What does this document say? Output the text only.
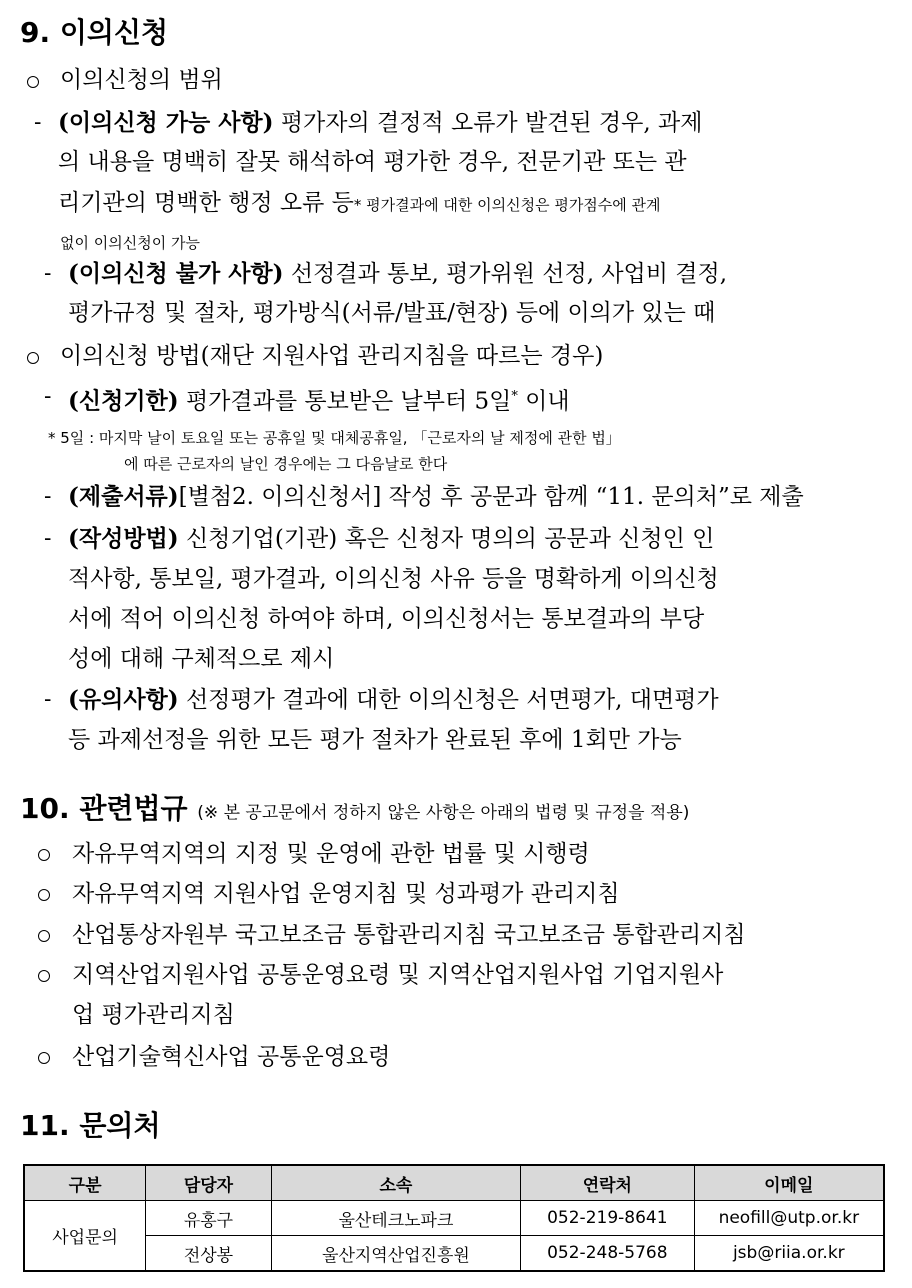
9. 이의신청
이의신청의 범위
- (이의신청 가능 사항) 평가자의 결정적 오류가 발견된 경우, 과제
의 내용을 명백히 잘못 해석하여 평가한 경우, 전문기관 또는 관
리기관의 명백한 행정 오류 등* 평가결과에 대한 이의신청은 평가점수에 관계
없이 이의신청이 가능
- (이의신청 불가 사항) 선정결과 통보, 평가위원 선정, 사업비 결정,
평가규정 및 절차, 평가방식(서류/발표/현장) 등에 이의가 있는 때
이의신청 방법(재단 지원사업 관리지침을 따르는 경우)
- (신청기한) 평가결과를 통보받은 날부터 5일* 이내
* 5일 : 마지막 날이 토요일 또는 공휴일 및 대체공휴일, 「근로자의 날 제정에 관한 법」
에 따른 근로자의 날인 경우에는 그 다음날로 한다
- (제출서류)[별첨2. 이의신청서] 작성 후 공문과 함께 “11. 문의처”로 제출
- (작성방법) 신청기업(기관) 혹은 신청자 명의의 공문과 신청인 인
적사항, 통보일, 평가결과, 이의신청 사유 등을 명확하게 이의신청
서에 적어 이의신청 하여야 하며, 이의신청서는 통보결과의 부당
성에 대해 구체적으로 제시
- (유의사항) 선정평가 결과에 대한 이의신청은 서면평가, 대면평가
등 과제선정을 위한 모든 평가 절차가 완료된 후에 1회만 가능
10. 관련법규 (※ 본 공고문에서 정하지 않은 사항은 아래의 법령 및 규정을 적용)
자유무역지역의 지정 및 운영에 관한 법률 및 시행령
자유무역지역 지원사업 운영지침 및 성과평가 관리지침
산업통상자원부 국고보조금 통합관리지침 국고보조금 통합관리지침
지역산업지원사업 공통운영요령 및 지역산업지원사업 기업지원사
업 평가관리지침
산업기술혁신사업 공통운영요령
11. 문의처
구분	담당자	소속	연락처	이메일
사업문의	유홍구	울산테크노파크	052-219-8641	neofill@utp.or.kr
	전상봉	울산지역산업진흥원	052-248-5768	jsb@riia.or.kr
